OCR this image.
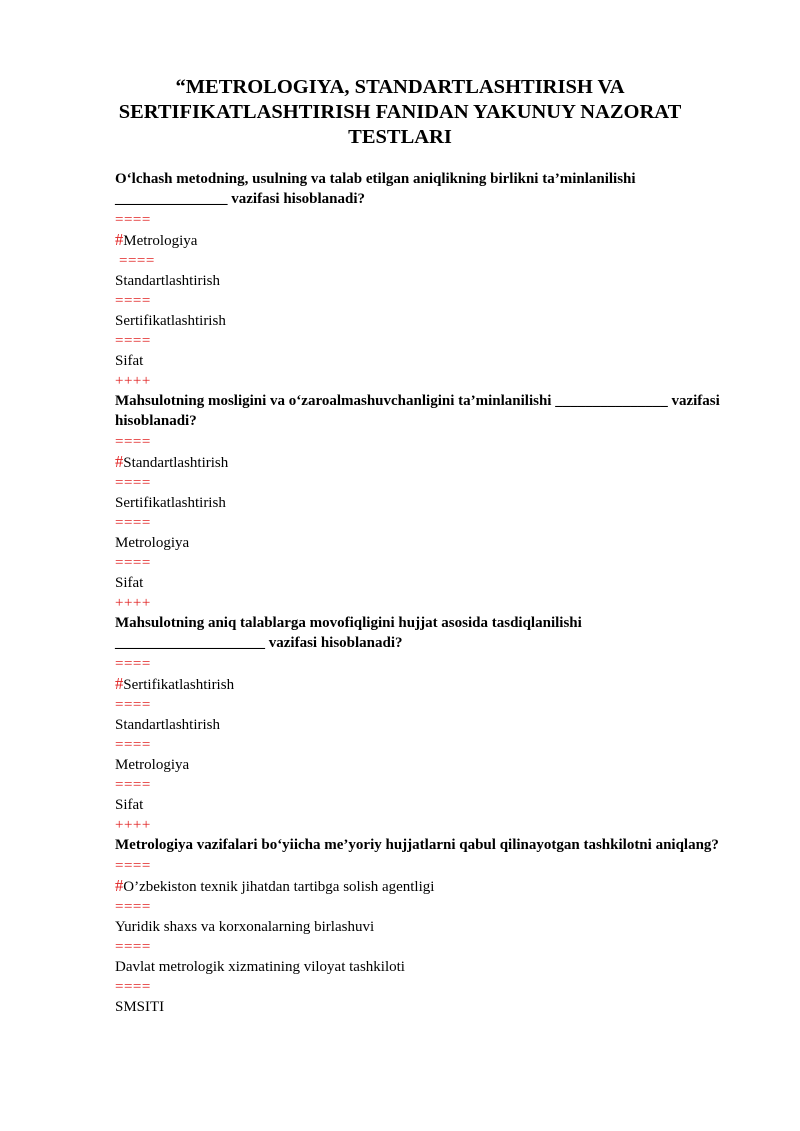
“METROLOGIYA, STANDARTLASHTIRISH VA SERTIFIKATLASHTIRISH FANIDAN YAKUNUY NAZORAT TESTLARI
O‘lchash metodning, usulning va talab etilgan aniqlikning birlikni ta’minlanilishi _______________ vazifasi hisoblanadi?
====
#Metrologiya
====
Standartlashtirish
====
Sertifikatlashtirish
====
Sifat
++++
Mahsulotning mosligini va o‘zaroalmashuvchanligini ta’minlanilishi _______________ vazifasi hisoblanadi?
====
#Standartlashtirish
====
Sertifikatlashtirish
====
Metrologiya
====
Sifat
++++
Mahsulotning aniq talablarga movofiqligini hujjat asosida tasdiqlanilishi ____________________ vazifasi hisoblanadi?
====
#Sertifikatlashtirish
====
Standartlashtirish
====
Metrologiya
====
Sifat
++++
Metrologiya vazifalari bo‘yiicha me’yoriy hujjatlarni qabul qilinayotgan tashkilotni aniqlang?
====
#O’zbekiston texnik jihatdan tartibga solish agentligi
====
Yuridik shaxs va korxonalarning birlashuvi
====
Davlat metrologik xizmatining viloyat tashkiloti
====
SMSITI
